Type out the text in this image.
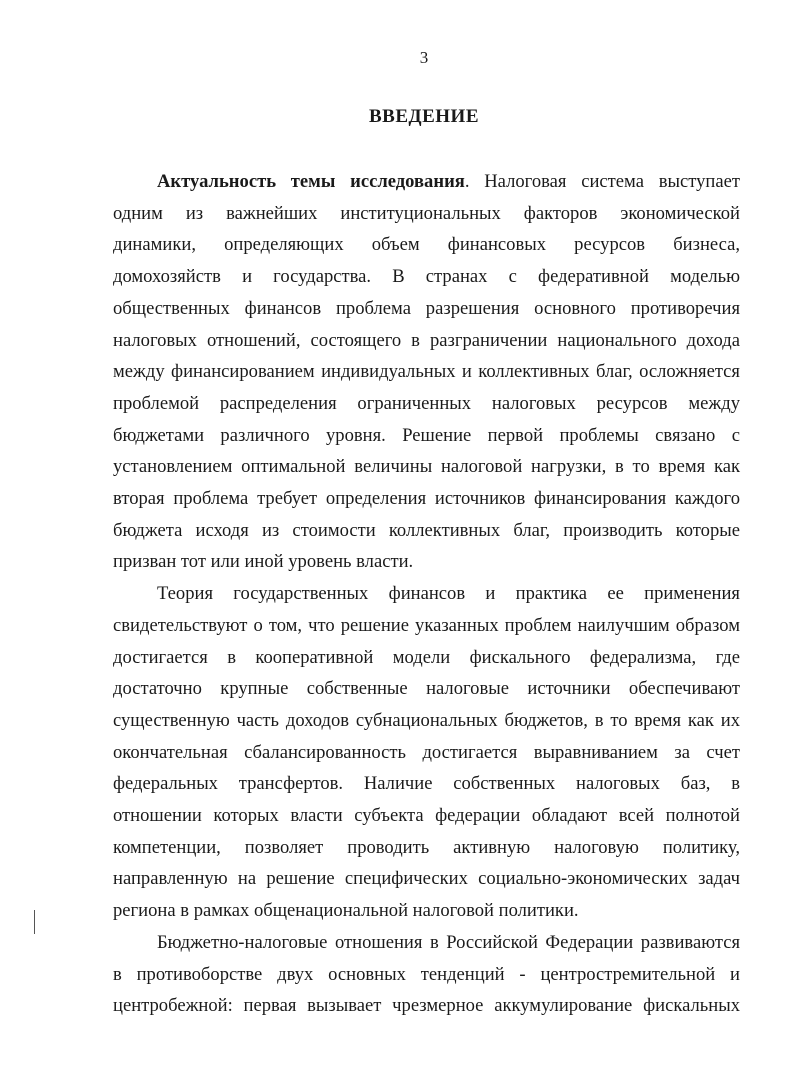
3
ВВЕДЕНИЕ
Актуальность темы исследования. Налоговая система выступает
одним из важнейших институциональных факторов экономической
динамики, определяющих объем финансовых ресурсов бизнеса,
домохозяйств и государства. В странах с федеративной моделью
общественных финансов проблема разрешения основного противоречия
налоговых отношений, состоящего в разграничении национального дохода
между финансированием индивидуальных и коллективных благ, осложняется
проблемой распределения ограниченных налоговых ресурсов между
бюджетами различного уровня. Решение первой проблемы связано с
установлением оптимальной величины налоговой нагрузки, в то время как
вторая проблема требует определения источников финансирования каждого
бюджета исходя из стоимости коллективных благ, производить которые
призван тот или иной уровень власти.
Теория государственных финансов и практика ее применения
свидетельствуют о том, что решение указанных проблем наилучшим образом
достигается в кооперативной модели фискального федерализма, где
достаточно крупные собственные налоговые источники обеспечивают
существенную часть доходов субнациональных бюджетов, в то время как их
окончательная сбалансированность достигается выравниванием за счет
федеральных трансфертов. Наличие собственных налоговых баз, в
отношении которых власти субъекта федерации обладают всей полнотой
компетенции, позволяет проводить активную налоговую политику,
направленную на решение специфических социально-экономических задач
региона в рамках общенациональной налоговой политики.
Бюджетно-налоговые отношения в Российской Федерации развиваются
в противоборстве двух основных тенденций - центростремительной и
центробежной: первая вызывает чрезмерное аккумулирование фискальных
